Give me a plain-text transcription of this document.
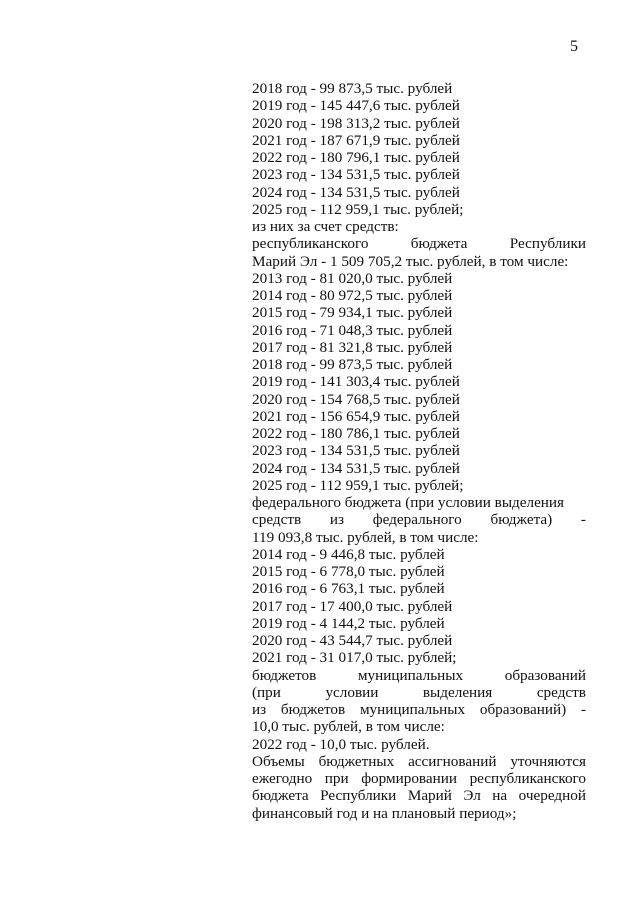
5
2018 год - 99 873,5 тыс. рублей
2019 год - 145 447,6 тыс. рублей
2020 год - 198 313,2 тыс. рублей
2021 год - 187 671,9 тыс. рублей
2022 год - 180 796,1 тыс. рублей
2023 год - 134 531,5 тыс. рублей
2024 год - 134 531,5 тыс. рублей
2025 год - 112 959,1 тыс. рублей;
из них за счет средств:
республиканского	бюджета	Республики
Марий Эл - 1 509 705,2 тыс. рублей, в том числе:
2013 год - 81 020,0 тыс. рублей
2014 год - 80 972,5 тыс. рублей
2015 год - 79 934,1 тыс. рублей
2016 год - 71 048,3 тыс. рублей
2017 год - 81 321,8 тыс. рублей
2018 год - 99 873,5 тыс. рублей
2019 год - 141 303,4 тыс. рублей
2020 год - 154 768,5 тыс. рублей
2021 год - 156 654,9 тыс. рублей
2022 год - 180 786,1 тыс. рублей
2023 год - 134 531,5 тыс. рублей
2024 год - 134 531,5 тыс. рублей
2025 год - 112 959,1 тыс. рублей;
федерального бюджета (при условии выделения
средств из федерального бюджета) -
119 093,8 тыс. рублей, в том числе:
2014 год - 9 446,8 тыс. рублей
2015 год - 6 778,0 тыс. рублей
2016 год - 6 763,1 тыс. рублей
2017 год - 17 400,0 тыс. рублей
2019 год - 4 144,2 тыс. рублей
2020 год - 43 544,7 тыс. рублей
2021 год - 31 017,0 тыс. рублей;
бюджетов	муниципальных	образований
(при	условии	выделения	средств
из бюджетов муниципальных образований) -
10,0 тыс. рублей, в том числе:
2022 год - 10,0 тыс. рублей.
Объемы бюджетных ассигнований уточняются
ежегодно при формировании республиканского
бюджета Республики Марий Эл на очередной
финансовый год и на плановый период»;
